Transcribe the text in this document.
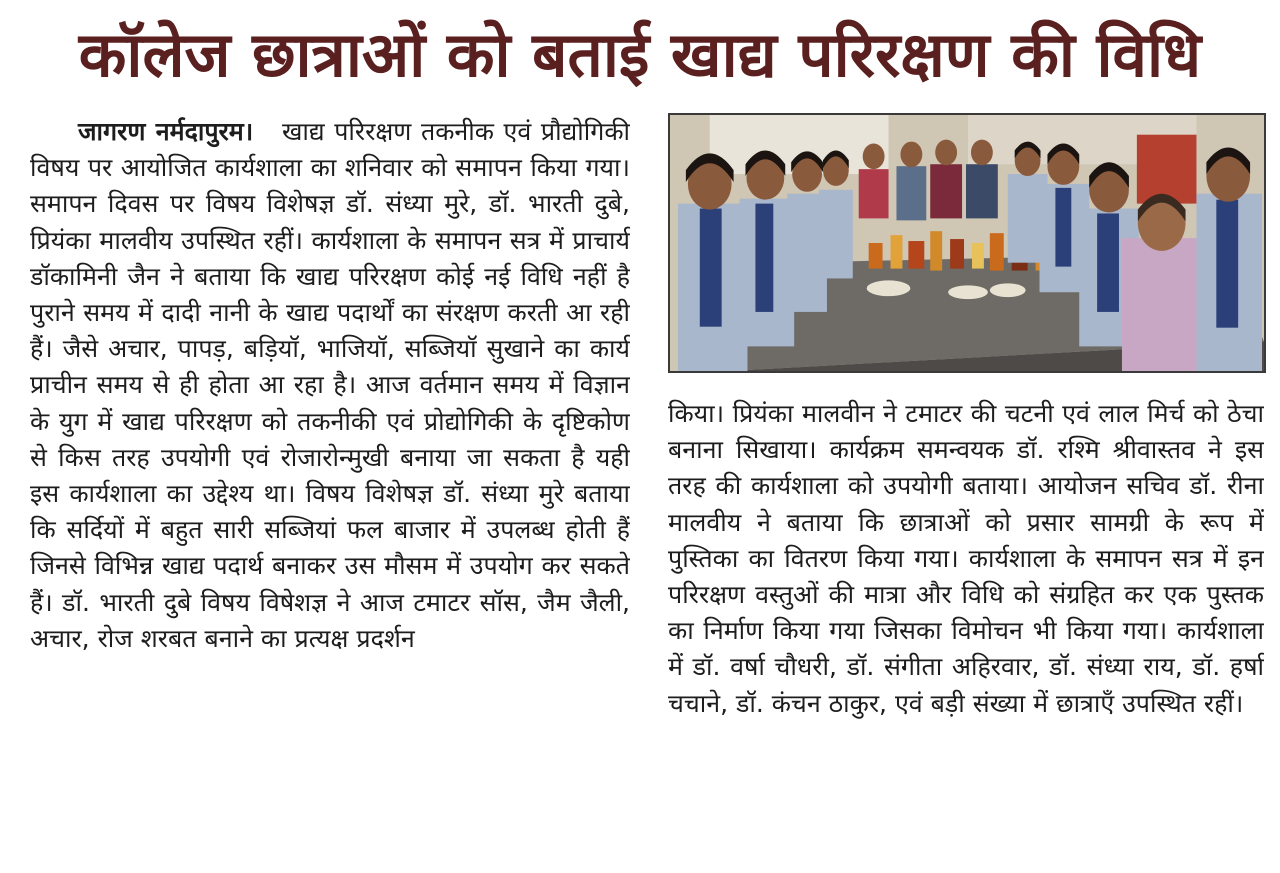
कॉलेज छात्राओं को बताई खाद्य परिरक्षण की विधि

जागरण नर्मदापुरम। खाद्य परिरक्षण तकनीक एवं प्रौद्योगिकी विषय पर आयोजित कार्यशाला का शनिवार को समापन किया गया। समापन दिवस पर विषय विशेषज्ञ डॉ. संध्या मुरे, डॉ. भारती दुबे, प्रियंका मालवीय उपस्थित रहीं। कार्यशाला के समापन सत्र में प्राचार्य डॉकामिनी जैन ने बताया कि खाद्य परिरक्षण कोई नई विधि नहीं है पुराने समय में दादी नानी के खाद्य पदार्थों का संरक्षण करती आ रही हैं। जैसे अचार, पापड़, बड़ियॉ, भाजियॉ, सब्जियॉ सुखाने का कार्य प्राचीन समय से ही होता आ रहा है। आज वर्तमान समय में विज्ञान के युग में खाद्य परिरक्षण को तकनीकी एवं प्रोद्योगिकी के दृष्टिकोण से किस तरह उपयोगी एवं रोजारोन्मुखी बनाया जा सकता है यही इस कार्यशाला का उद्देश्य था। विषय विशेषज्ञ डॉ. संध्या मुरे बताया कि सर्दियों में बहुत सारी सब्जियां फल बाजार में उपलब्ध होती हैं जिनसे विभिन्न खाद्य पदार्थ बनाकर उस मौसम में उपयोग कर सकते हैं। डॉ. भारती दुबे विषय विषेशज्ञ ने आज टमाटर सॉस, जैम जैली, अचार, रोज शरबत बनाने का प्रत्यक्ष प्रदर्शन

किया। प्रियंका मालवीन ने टमाटर की चटनी एवं लाल मिर्च को ठेचा बनाना सिखाया। कार्यक्रम समन्वयक डॉ. रश्मि श्रीवास्तव ने इस तरह की कार्यशाला को उपयोगी बताया। आयोजन सचिव डॉ. रीना मालवीय ने बताया कि छात्राओं को प्रसार सामग्री के रूप में पुस्तिका का वितरण किया गया। कार्यशाला के समापन सत्र में इन परिरक्षण वस्तुओं की मात्रा और विधि को संग्रहित कर एक पुस्तक का निर्माण किया गया जिसका विमोचन भी किया गया। कार्यशाला में डॉ. वर्षा चौधरी, डॉ. संगीता अहिरवार, डॉ. संध्या राय, डॉ. हर्षा चचाने, डॉ. कंचन ठाकुर, एवं बड़ी संख्या में छात्राएँ उपस्थित रहीं।
